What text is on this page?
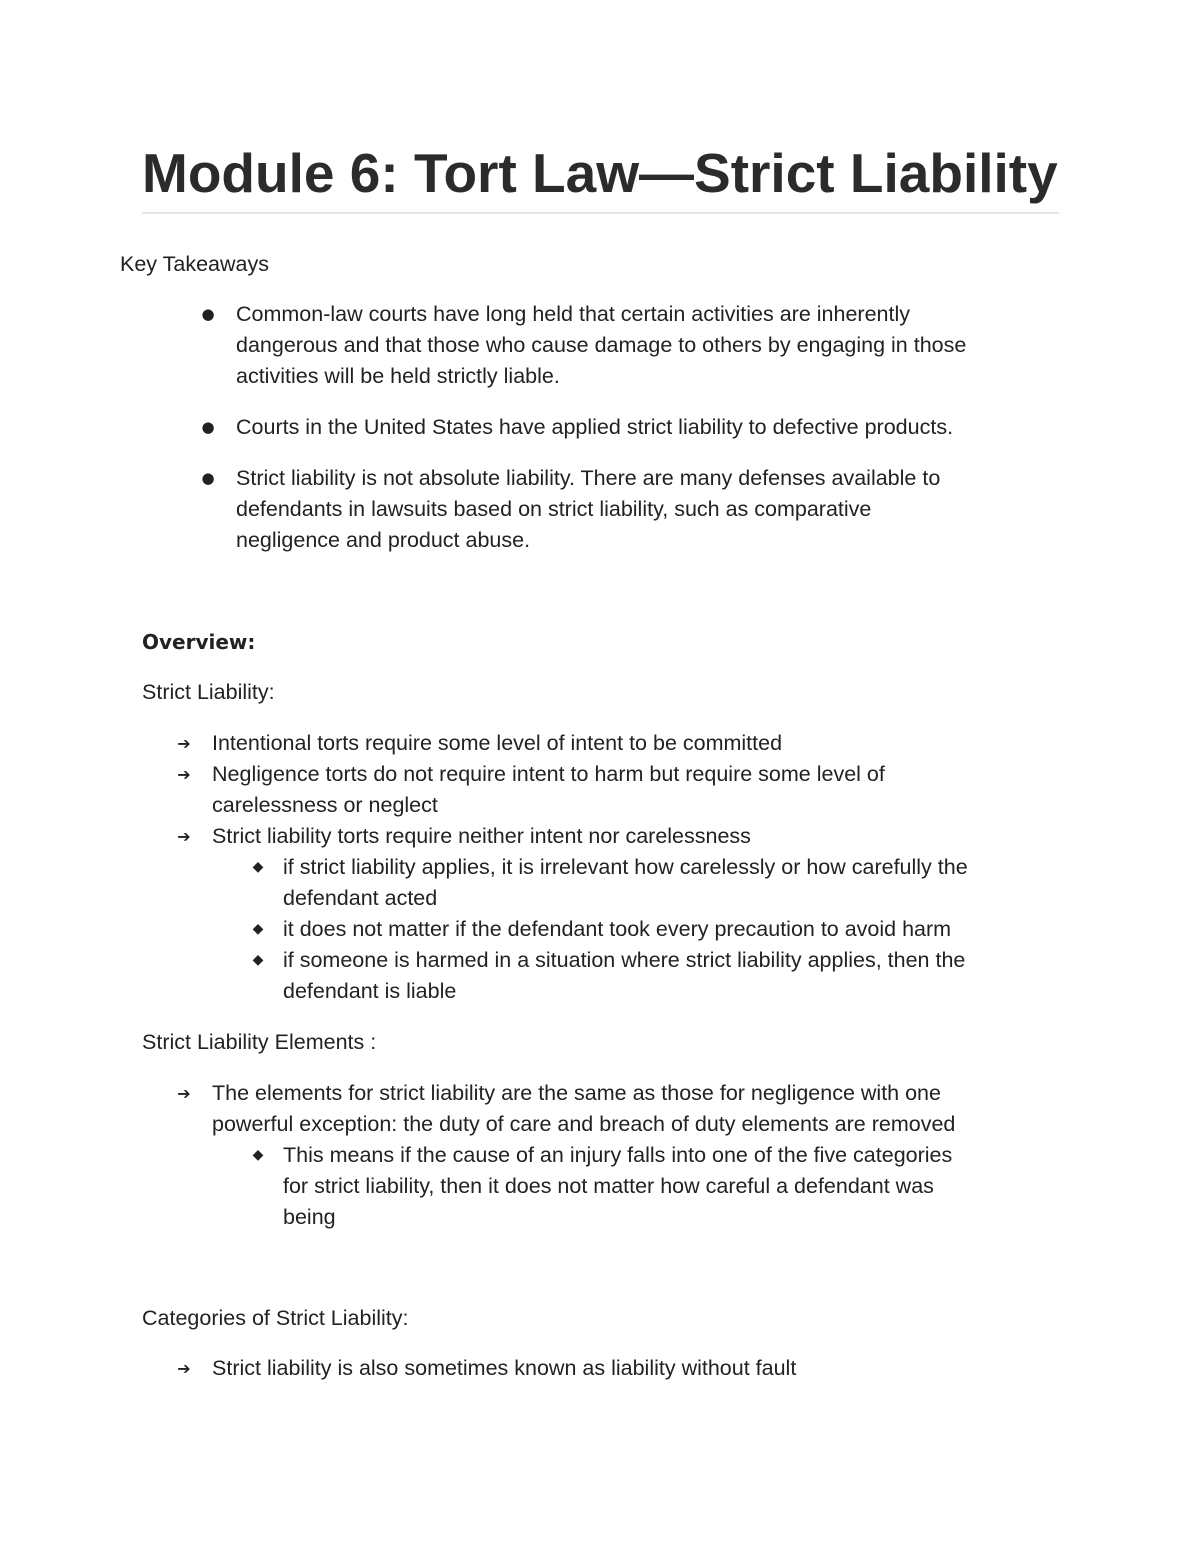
Module 6: Tort Law—Strict Liability

Key Takeaways

● Common-law courts have long held that certain activities are inherently
dangerous and that those who cause damage to others by engaging in those
activities will be held strictly liable.
● Courts in the United States have applied strict liability to defective products.
● Strict liability is not absolute liability. There are many defenses available to
defendants in lawsuits based on strict liability, such as comparative
negligence and product abuse.

Overview:

Strict Liability:

➔ Intentional torts require some level of intent to be committed
➔ Negligence torts do not require intent to harm but require some level of
carelessness or neglect
➔ Strict liability torts require neither intent nor carelessness
◆ if strict liability applies, it is irrelevant how carelessly or how carefully the
defendant acted
◆ it does not matter if the defendant took every precaution to avoid harm
◆ if someone is harmed in a situation where strict liability applies, then the
defendant is liable

Strict Liability Elements :

➔ The elements for strict liability are the same as those for negligence with one
powerful exception: the duty of care and breach of duty elements are removed
◆ This means if the cause of an injury falls into one of the five categories
for strict liability, then it does not matter how careful a defendant was
being

Categories of Strict Liability:

➔ Strict liability is also sometimes known as liability without fault
